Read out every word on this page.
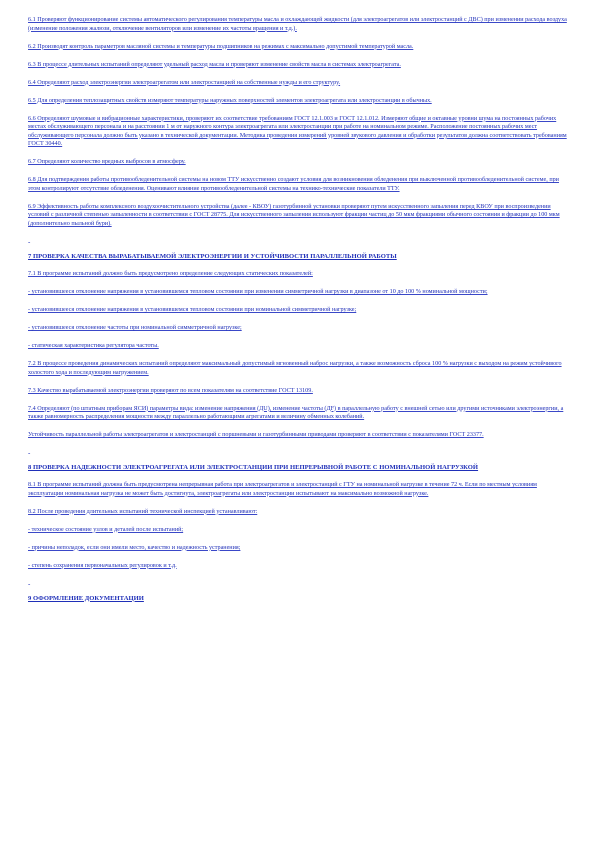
6.1 Проверяют функционирование системы автоматического регулирования температуры масла и охлаждающей жидкости (для электроагрегатов или электростанций с ДВС) при изменении расхода воздуха (изменение положения жалюзи, отключение вентиляторов или изменение их частоты вращения и т.д.).

6.2 Производят контроль параметров масляной системы и температуры подшипников на режимах с максимально допустимой температурой масла.

6.3 В процессе длительных испытаний определяют удельный расход масла и проверяют изменение свойств масла в системах электроагрегата.

6.4 Определяют расход электроэнергии электроагрегатом или электростанцией на собственные нужды и его структуру.

6.5 Для определения теплозащитных свойств измеряют температуры наружных поверхностей элементов электроагрегата или электростанции в обычных.

6.6 Определяют шумовые и вибрационные характеристики, проверяют их соответствие требованиям ГОСТ 12.1.003 и ГОСТ 12.1.012. Измеряют общие и октавные уровни шума на постоянных рабочих местах обслуживающего персонала и на расстоянии 1 м от наружного контура электроагрегата или электростанции при работе на номинальном режиме. Расположение постоянных рабочих мест обслуживающего персонала должно быть указано в технической документации. Методика проведения измерений уровней звукового давления и обработки результатов должна соответствовать требованиям ГОСТ 30440.

6.7 Определяют количество вредных выбросов в атмосферу.

6.8 Для подтверждения работы противообледенительной системы на новом ТТУ искусственно создают условия для возникновения обледенения при выключенной противообледенительной системе, при этом контролируют отсутствие обледенения. Оценивают влияние противообледенительной системы на технико-технические показатели ТТУ.

6.9 Эффективность работы комплексного воздухоочистительного устройства (далее - КВОУ) газотурбинной установки проверяют путем искусственного запыления перед КВОУ при воспроизведении условий с различной степенью запыленности в соответствии с ГОСТ 28775. Для искусственного запыления используют фракции частиц до 50 мкм фракциями обычного состояния и фракции до 100 мкм (дополнительно пыльной бури).

-

7 ПРОВЕРКА КАЧЕСТВА ВЫРАБАТЫВАЕМОЙ ЭЛЕКТРОЭНЕРГИИ И УСТОЙЧИВОСТИ ПАРАЛЛЕЛЬНОЙ РАБОТЫ

7.1 В программе испытаний должно быть предусмотрено определение следующих статических показателей:

- установившееся отклонение напряжения в установившемся тепловом состоянии при изменении симметричной нагрузки в диапазоне от 10 до 100 % номинальной мощности;

- установившееся отклонение напряжения в установившемся тепловом состоянии при номинальной симметричной нагрузке;

- установившееся отклонение частоты при номинальной симметричной нагрузке;

- статическая характеристика регулятора частоты.

7.2 В процессе проведения динамических испытаний определяют максимальный допустимый мгновенный наброс нагрузки, а также возможность сброса 100 % нагрузки с выходом на режим устойчивого холостого хода и последующим нагружением.

7.3 Качество вырабатываемой электроэнергии проверяют по всем показателям на соответствие ГОСТ 13109.

7.4 Определяют (по штатным приборам ЯСИ) параметры вида: изменение напряжения (ДU), изменение частоты (ДF) в параллельную работу с внешней сетью или другими источниками электроэнергии, а также равномерность распределения мощности между параллельно работающими агрегатами и величину обменных колебаний.

Устойчивость параллельной работы электроагрегатов и электростанций с поршневыми и газотурбинными приводами проверяют в соответствии с показателями ГОСТ 23377.

-

8 ПРОВЕРКА НАДЕЖНОСТИ ЭЛЕКТРОАГРЕГАТА ИЛИ ЭЛЕКТРОСТАНЦИИ ПРИ НЕПРЕРЫВНОЙ РАБОТЕ С НОМИНАЛЬНОЙ НАГРУЗКОЙ

8.1 В программе испытаний должна быть предусмотрена непрерывная работа при электроагрегатов и электростанций с ГТУ на номинальной нагрузке в течение 72 ч. Если по местным условиям эксплуатации номинальная нагрузка не может быть достигнута, электроагрегаты или электростанции испытывают на максимально возможной нагрузке.

8.2 После проведения длительных испытаний технической инспекцией устанавливают:

- техническое состояние узлов и деталей после испытаний;

- причины неполадок, если они имели место, качество и надежность устранения;

- степень сохранения первоначальных регулировок и т.д.

-

9 ОФОРМЛЕНИЕ ДОКУМЕНТАЦИИ
